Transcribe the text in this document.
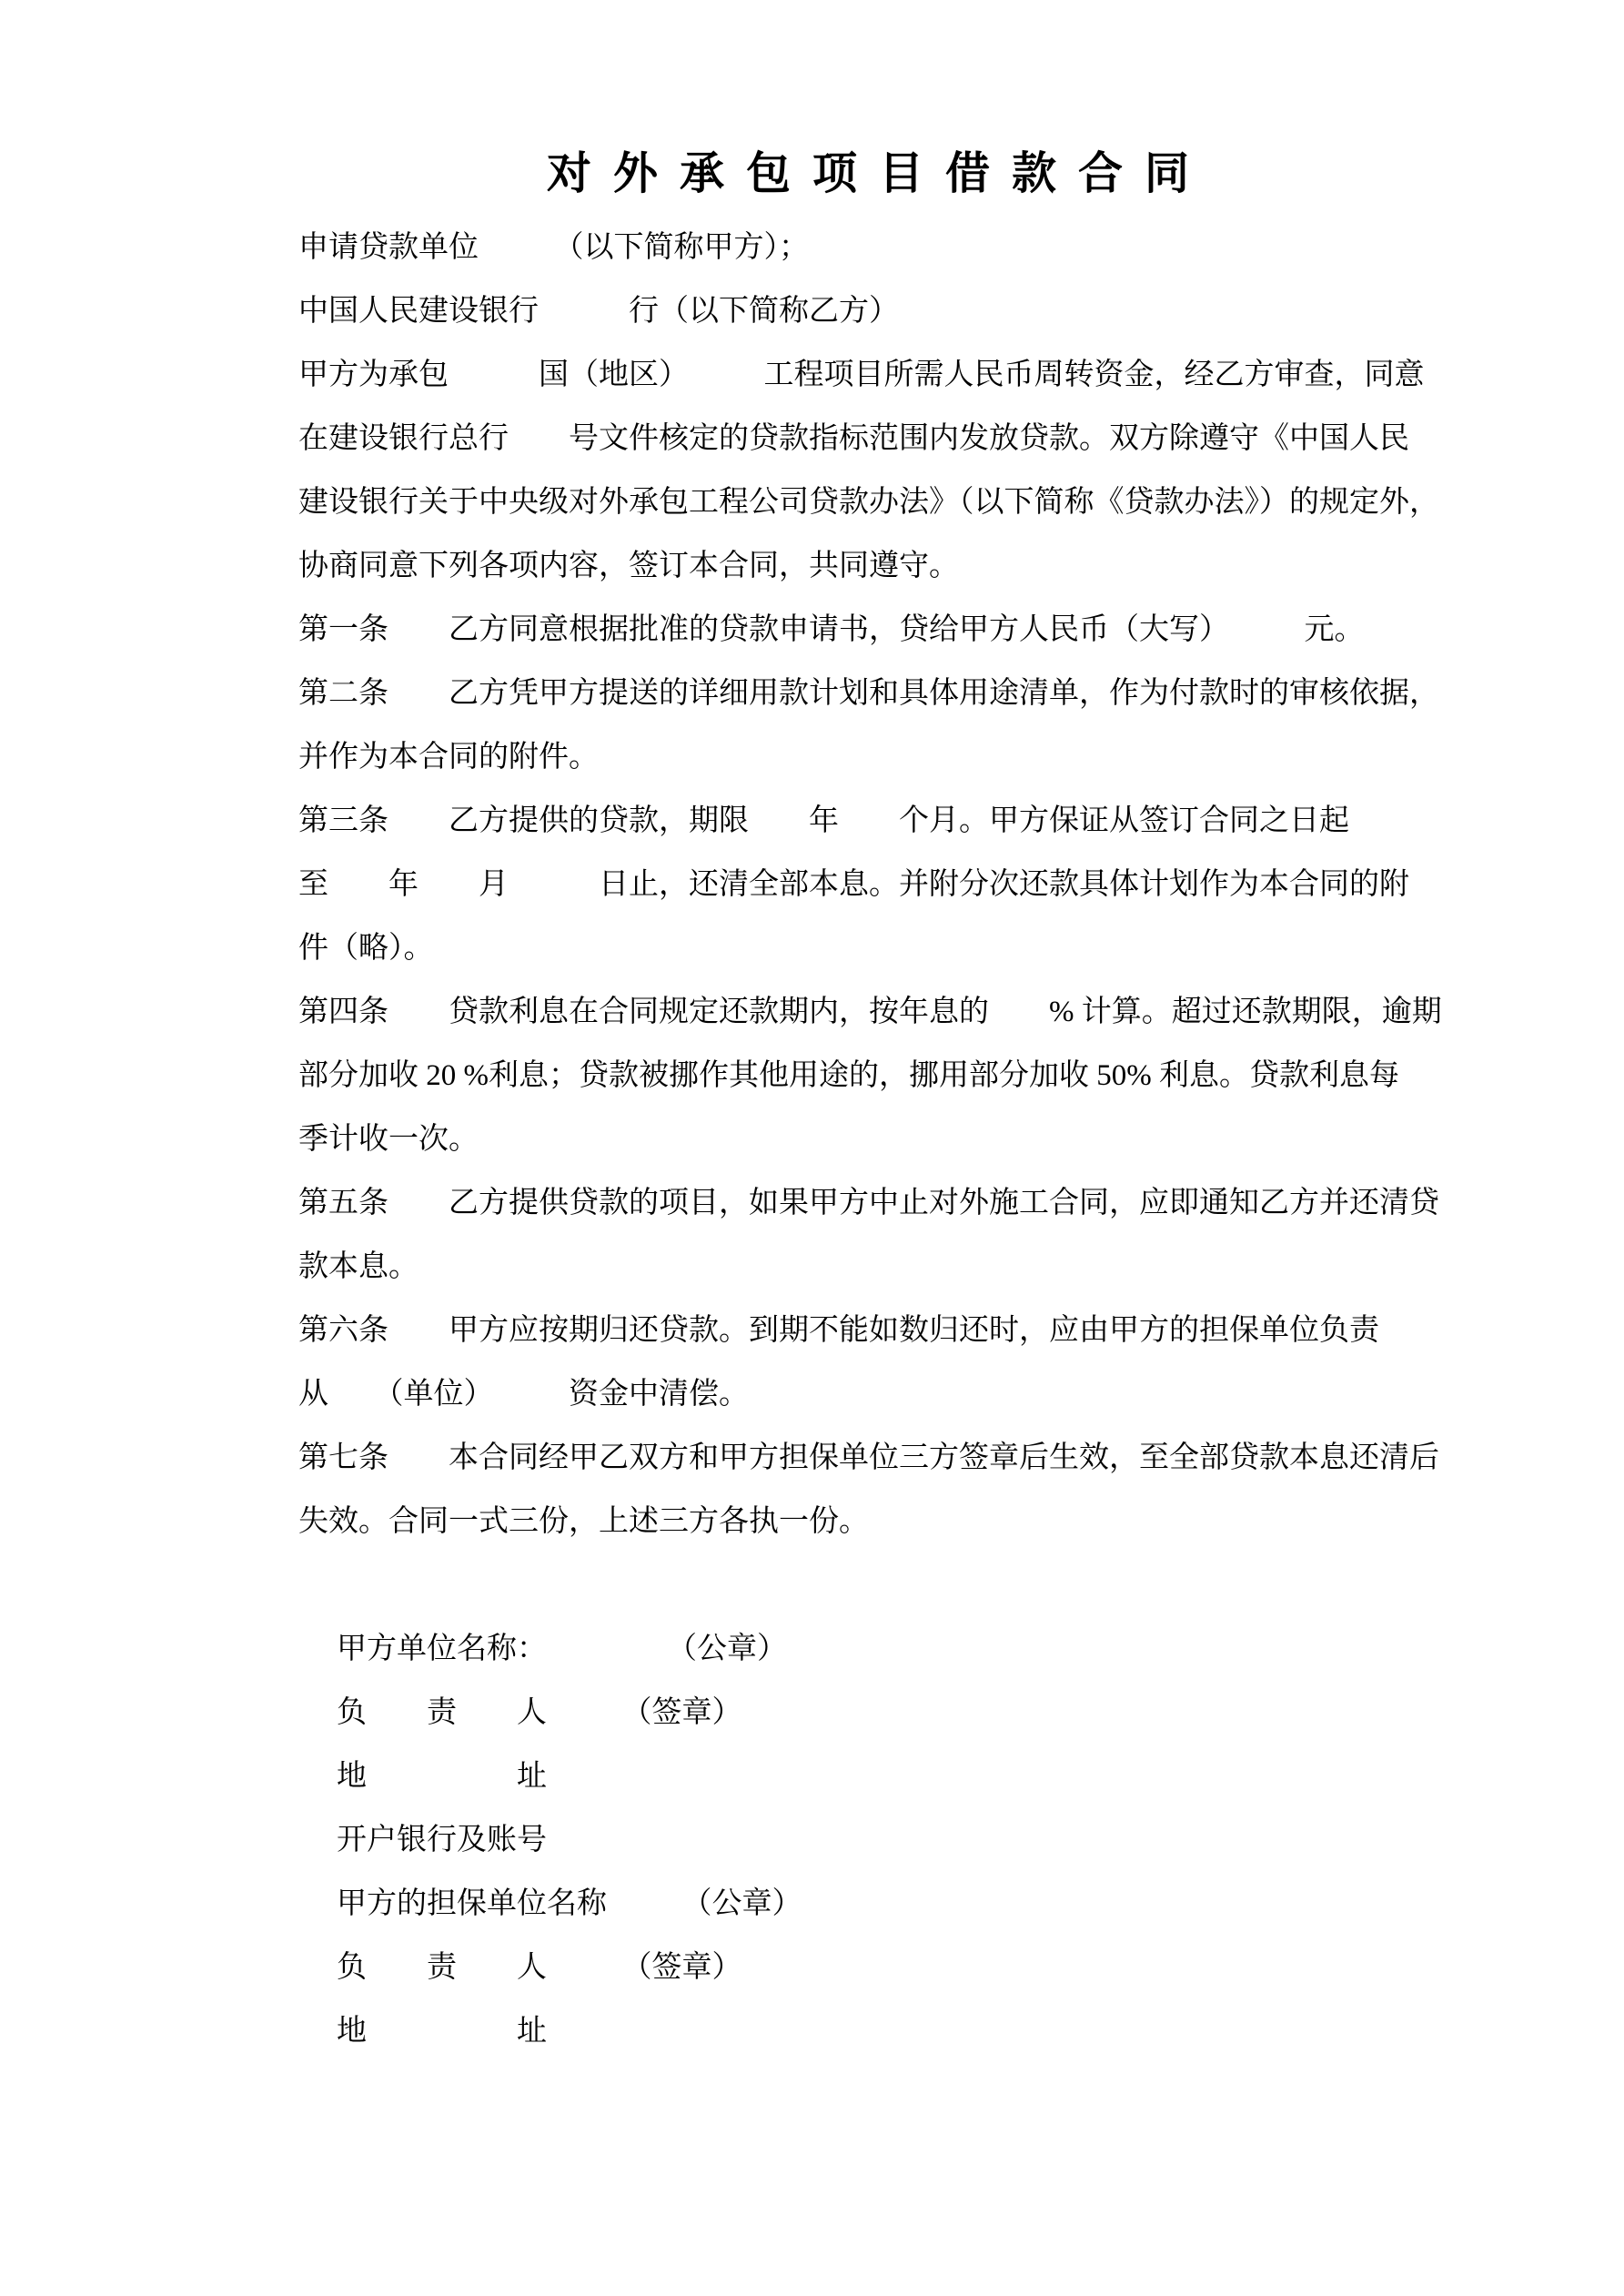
对外承包项目借款合同
申请贷款单位　　　（以下简称甲方）；
中国人民建设银行　　　行（以下简称乙方）
甲方为承包　　　国（地区）　　　工程项目所需人民币周转资金，经乙方审查，同意
在建设银行总行　　号文件核定的贷款指标范围内发放贷款。双方除遵守《中国人民
建设银行关于中央级对外承包工程公司贷款办法》（以下简称《贷款办法》）的规定外，
协商同意下列各项内容，签订本合同，共同遵守。
第一条　　乙方同意根据批准的贷款申请书，贷给甲方人民币（大写）　　　元。
第二条　　乙方凭甲方提送的详细用款计划和具体用途清单，作为付款时的审核依据，
并作为本合同的附件。
第三条　　乙方提供的贷款，期限　　年　　个月。甲方保证从签订合同之日起
至　　年　　月　　　日止，还清全部本息。并附分次还款具体计划作为本合同的附
件（略）。
第四条　　贷款利息在合同规定还款期内，按年息的　　% 计算。超过还款期限，逾期
部分加收 20 %利息；贷款被挪作其他用途的，挪用部分加收 50% 利息。贷款利息每
季计收一次。
第五条　　乙方提供贷款的项目，如果甲方中止对外施工合同，应即通知乙方并还清贷
款本息。
第六条　　甲方应按期归还贷款。到期不能如数归还时，应由甲方的担保单位负责
从　　（单位）　　　资金中清偿。
第七条　　本合同经甲乙双方和甲方担保单位三方签章后生效，至全部贷款本息还清后
失效。合同一式三份，上述三方各执一份。
甲方单位名称：　　　　　（公章）
负　　责　　人　　　（签章）
地　　　　　址
开户银行及账号
甲方的担保单位名称　　　（公章）
负　　责　　人　　　（签章）
地　　　　　址
